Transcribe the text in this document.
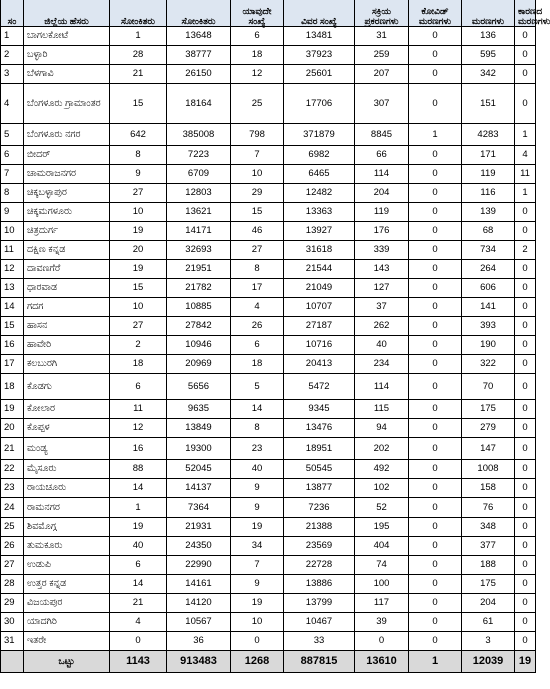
ಸಂ	ಜಿಲ್ಲೆಯ ಹೆಸರು	ಸೋಂಕಿತರು	ಸೋಂಕಿತರು	ಯಾವುದೇ ಸಂಖ್ಯೆ	ವಿವರ ಸಂಖ್ಯೆ	ಸಕ್ರಿಯ ಪ್ರಕರಣಗಳು	ಕೋವಿಡ್ ಮರಣಗಳು	ಮರಣಗಳು	ಕಾರಣದ ಮರಣಗಳು
1	ಬಾಗಲಕೋಟೆ	1	13648	6	13481	31	0	136	0
2	ಬಳ್ಳಾರಿ	28	38777	18	37923	259	0	595	0
3	ಬೆಳಗಾವಿ	21	26150	12	25601	207	0	342	0
4	ಬೆಂಗಳೂರು ಗ್ರಾಮಾಂತರ	15	18164	25	17706	307	0	151	0
5	ಬೆಂಗಳೂರು ನಗರ	642	385008	798	371879	8845	1	4283	1
6	ಬೀದರ್	8	7223	7	6982	66	0	171	4
7	ಚಾಮರಾಜನಗರ	9	6709	10	6465	114	0	119	11
8	ಚಿಕ್ಕಬಳ್ಳಾಪುರ	27	12803	29	12482	204	0	116	1
9	ಚಿಕ್ಕಮಗಳೂರು	10	13621	15	13363	119	0	139	0
10	ಚಿತ್ರದುರ್ಗ	19	14171	46	13927	176	0	68	0
11	ದಕ್ಷಿಣ ಕನ್ನಡ	20	32693	27	31618	339	0	734	2
12	ದಾವಣಗೆರೆ	19	21951	8	21544	143	0	264	0
13	ಧಾರವಾಡ	15	21782	17	21049	127	0	606	0
14	ಗದಗ	10	10885	4	10707	37	0	141	0
15	ಹಾಸನ	27	27842	26	27187	262	0	393	0
16	ಹಾವೇರಿ	2	10946	6	10716	40	0	190	0
17	ಕಲಬುರಗಿ	18	20969	18	20413	234	0	322	0
18	ಕೊಡಗು	6	5656	5	5472	114	0	70	0
19	ಕೋಲಾರ	11	9635	14	9345	115	0	175	0
20	ಕೊಪ್ಪಳ	12	13849	8	13476	94	0	279	0
21	ಮಂಡ್ಯ	16	19300	23	18951	202	0	147	0
22	ಮೈಸೂರು	88	52045	40	50545	492	0	1008	0
23	ರಾಯಚೂರು	14	14137	9	13877	102	0	158	0
24	ರಾಮನಗರ	1	7364	9	7236	52	0	76	0
25	ಶಿವಮೊಗ್ಗ	19	21931	19	21388	195	0	348	0
26	ತುಮಕೂರು	40	24350	34	23569	404	0	377	0
27	ಉಡುಪಿ	6	22990	7	22728	74	0	188	0
28	ಉತ್ತರ ಕನ್ನಡ	14	14161	9	13886	100	0	175	0
29	ವಿಜಯಪುರ	21	14120	19	13799	117	0	204	0
30	ಯಾದಗಿರಿ	4	10567	10	10467	39	0	61	0
31	ಇತರೇ	0	36	0	33	0	0	3	0
	ಒಟ್ಟು	1143	913483	1268	887815	13610	1	12039	19
